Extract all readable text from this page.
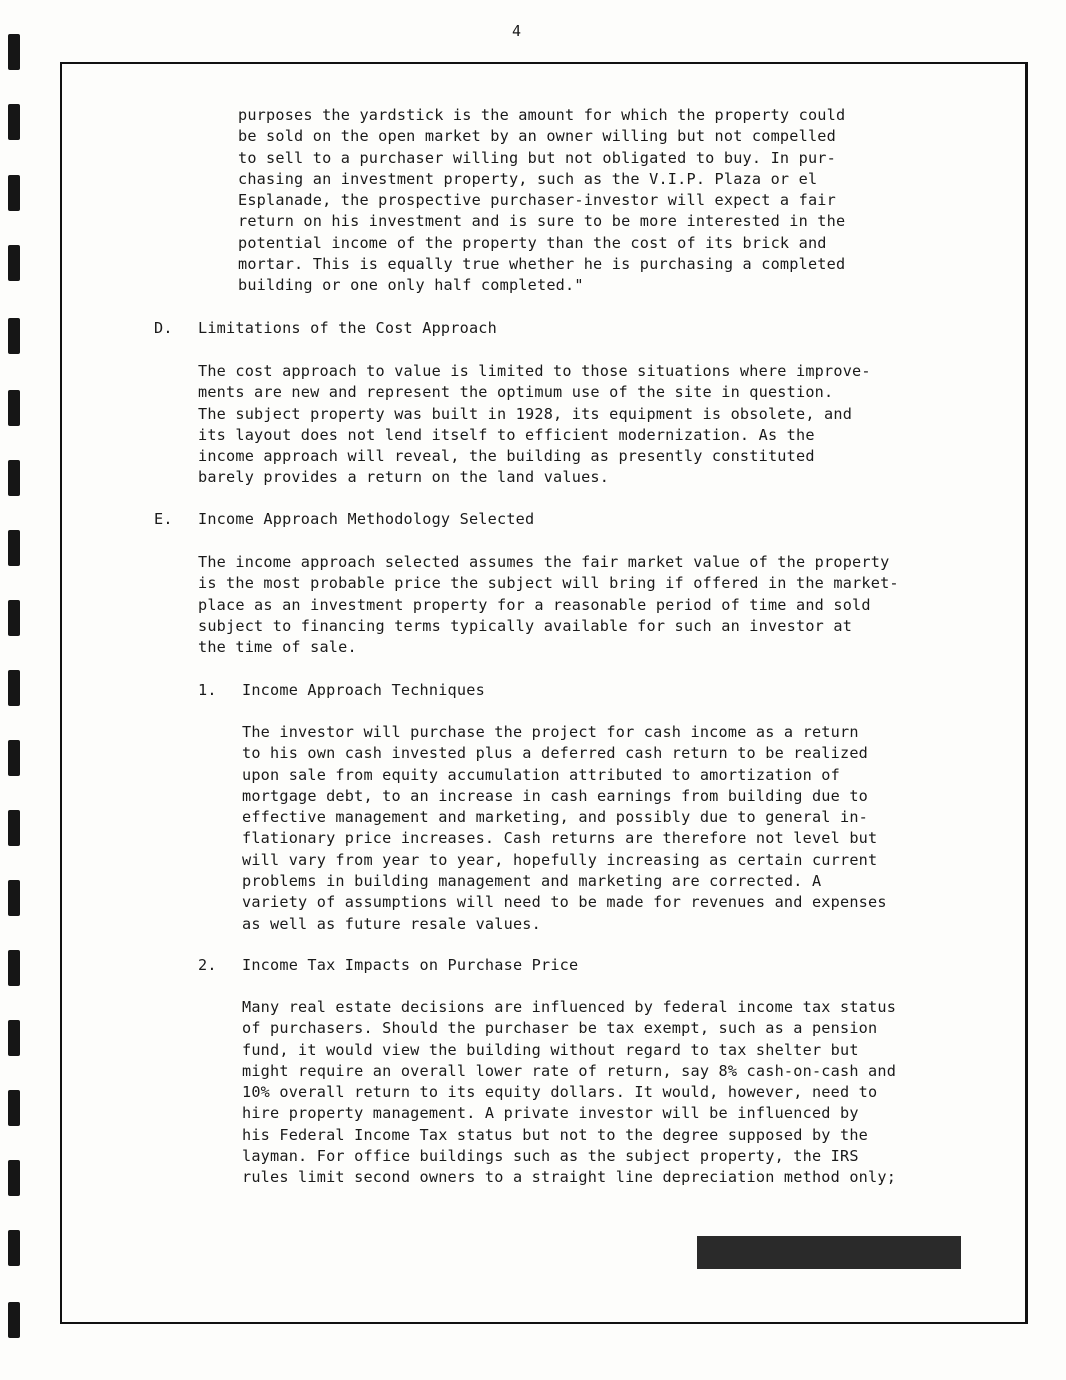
4
purposes the yardstick is the amount for which the property could
be sold on the open market by an owner willing but not compelled
to sell to a purchaser willing but not obligated to buy. In pur-
chasing an investment property, such as the V.I.P. Plaza or el
Esplanade, the prospective purchaser-investor will expect a fair
return on his investment and is sure to be more interested in the
potential income of the property than the cost of its brick and
mortar. This is equally true whether he is purchasing a completed
building or one only half completed."
D. Limitations of the Cost Approach
The cost approach to value is limited to those situations where improve-
ments are new and represent the optimum use of the site in question.
The subject property was built in 1928, its equipment is obsolete, and
its layout does not lend itself to efficient modernization. As the
income approach will reveal, the building as presently constituted
barely provides a return on the land values.
E. Income Approach Methodology Selected
The income approach selected assumes the fair market value of the property
is the most probable price the subject will bring if offered in the market-
place as an investment property for a reasonable period of time and sold
subject to financing terms typically available for such an investor at
the time of sale.
1. Income Approach Techniques
The investor will purchase the project for cash income as a return
to his own cash invested plus a deferred cash return to be realized
upon sale from equity accumulation attributed to amortization of
mortgage debt, to an increase in cash earnings from building due to
effective management and marketing, and possibly due to general in-
flationary price increases. Cash returns are therefore not level but
will vary from year to year, hopefully increasing as certain current
problems in building management and marketing are corrected. A
variety of assumptions will need to be made for revenues and expenses
as well as future resale values.
2. Income Tax Impacts on Purchase Price
Many real estate decisions are influenced by federal income tax status
of purchasers. Should the purchaser be tax exempt, such as a pension
fund, it would view the building without regard to tax shelter but
might require an overall lower rate of return, say 8% cash-on-cash and
10% overall return to its equity dollars. It would, however, need to
hire property management. A private investor will be influenced by
his Federal Income Tax status but not to the degree supposed by the
layman. For office buildings such as the subject property, the IRS
rules limit second owners to a straight line depreciation method only;
